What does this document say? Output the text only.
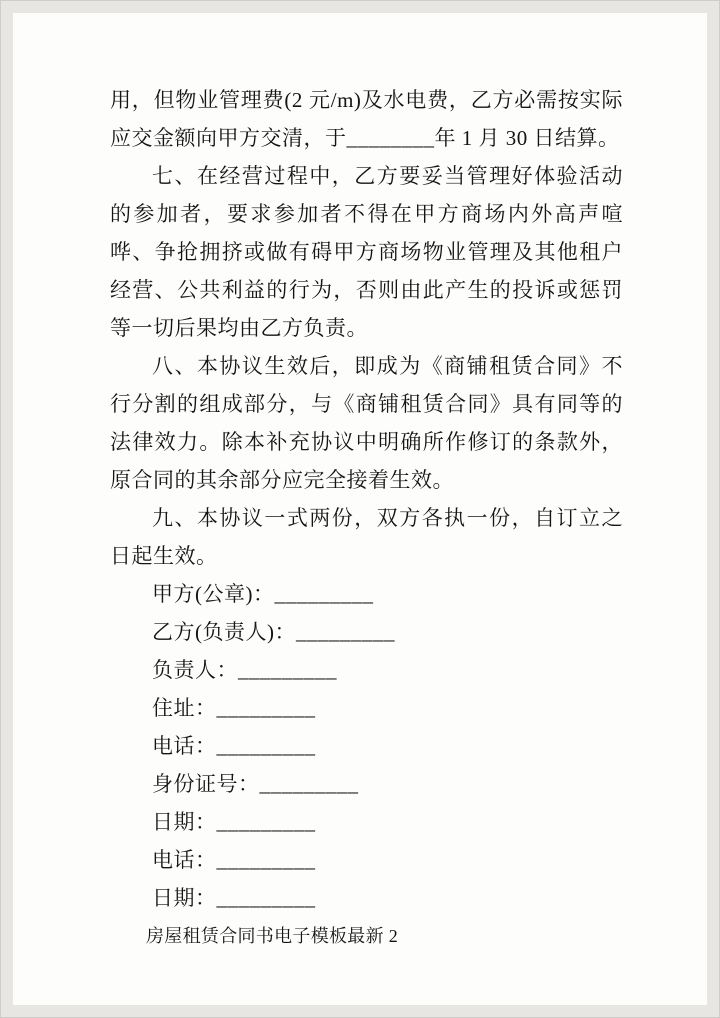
用，但物业管理费(2 元/m)及水电费，乙方必需按实际应交金额向甲方交清，于________年 1 月 30 日结算。

七、在经营过程中，乙方要妥当管理好体验活动的参加者，要求参加者不得在甲方商场内外高声喧哗、争抢拥挤或做有碍甲方商场物业管理及其他租户经营、公共利益的行为，否则由此产生的投诉或惩罚等一切后果均由乙方负责。

八、本协议生效后，即成为《商铺租赁合同》不行分割的组成部分，与《商铺租赁合同》具有同等的法律效力。除本补充协议中明确所作修订的条款外，原合同的其余部分应完全接着生效。

九、本协议一式两份，双方各执一份，自订立之日起生效。

甲方(公章)：_________

乙方(负责人)：_________

负责人：_________

住址：_________

电话：_________

身份证号：_________

日期：_________

电话：_________

日期：_________

房屋租赁合同书电子模板最新 2
